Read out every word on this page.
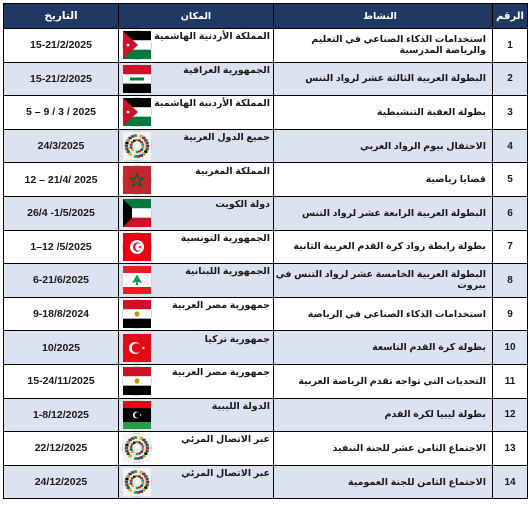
الرقم	النشاط	المكان	التاريخ
1	استخدامات الذكاء الصناعي في التعليم والرياضة المدرسية	المملكة الأردنية الهاشمية	15-21/2/2025
2	البطولة العربية الثالثة عشر لرواد التنس	الجمهورية العراقية	15-21/2/2025
3	بطولة العقبة التنشيطية	المملكة الأردنية الهاشمية	5 – 9 / 3 / 2025
4	الاحتفال بيوم الرواد العربي	جميع الدول العربية	24/3/2025
5	قضايا رياضية	المملكة المغربية	12 – 21/4/ 2025
6	البطولة العربية الرابعة عشر لرواد التنس	دولة الكويت	26/4 -1/5/2025
7	بطولة رابطة رواد كرة القدم العربية الثانية	الجمهورية التونسية	1–12 /5/2025
8	البطولة العربية الخامسة عشر لرواد التنس في بيروت	الجمهورية اللبنانية	6-21/6/2025
9	استخدامات الذكاء الصناعي في الرياضة	جمهورية مصر العربية	9-18/8/2024
10	بطولة كرة القدم التاسعة	جمهورية تركيا	10/2025
11	التحديات التي تواجه تقدم الرياضة العربية	جمهورية مصر العربية	15-24/11/2025
12	بطولة ليبيا لكرة القدم	الدولة الليبية	1-8/12/2025
13	الاجتماع الثامن عشر للجنة التنفيذ	عبر الاتصال المرئي	22/12/2025
14	الاجتماع الثامن للجنة العمومية	عبر الاتصال المرئي	24/12/2025
